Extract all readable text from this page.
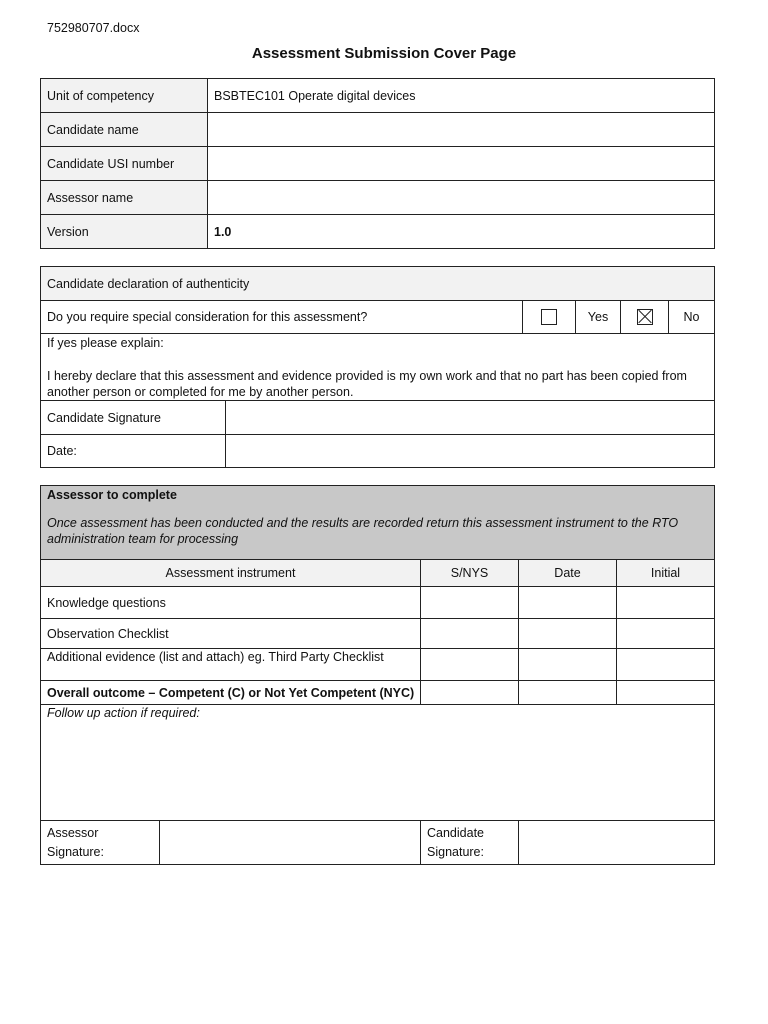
752980707.docx
Assessment Submission Cover Page
Unit of competency	BSBTEC101 Operate digital devices
Candidate name	
Candidate USI number	
Assessor name	
Version	1.0
Candidate declaration of authenticity					
Do you require special consideration for this assessment?			Yes		No

If yes please explain:
I hereby declare that this assessment and evidence provided is my own work and that no part has been copied from another person or completed for me by another person.					

Candidate Signature					
Date:					
Assessor to complete
Once assessment has been conducted and the results are recorded return this assessment instrument to the RTO administration team for processing				

Assessment instrument		S/NYS	Date	Initial
Knowledge questions				
Observation Checklist				
Additional evidence (list and attach) eg. Third Party Checklist				
Overall outcome – Competent (C) or Not Yet Competent (NYC)				
Follow up action if required:				
Assessor Signature:		Candidate Signature:		
